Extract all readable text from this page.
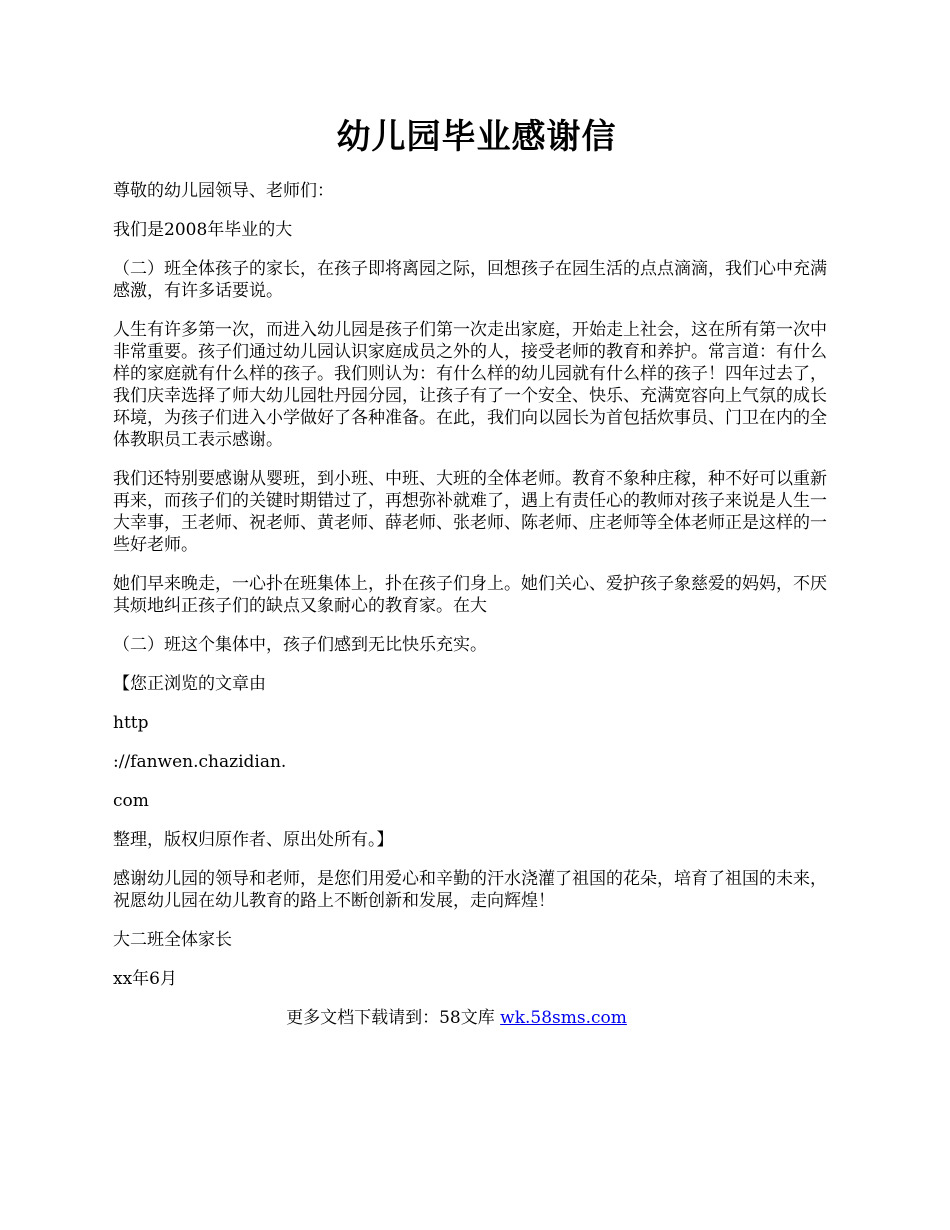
幼儿园毕业感谢信

尊敬的幼儿园领导、老师们：

我们是2008年毕业的大

（二）班全体孩子的家长，在孩子即将离园之际，回想孩子在园生活的点点滴滴，我们心中充满感激，有许多话要说。

人生有许多第一次，而进入幼儿园是孩子们第一次走出家庭，开始走上社会，这在所有第一次中非常重要。孩子们通过幼儿园认识家庭成员之外的人，接受老师的教育和养护。常言道：有什么样的家庭就有什么样的孩子。我们则认为：有什么样的幼儿园就有什么样的孩子！四年过去了，我们庆幸选择了师大幼儿园牡丹园分园，让孩子有了一个安全、快乐、充满宽容向上气氛的成长环境，为孩子们进入小学做好了各种准备。在此，我们向以园长为首包括炊事员、门卫在内的全体教职员工表示感谢。

我们还特别要感谢从婴班，到小班、中班、大班的全体老师。教育不象种庄稼，种不好可以重新再来，而孩子们的关键时期错过了，再想弥补就难了，遇上有责任心的教师对孩子来说是人生一大幸事，王老师、祝老师、黄老师、薛老师、张老师、陈老师、庄老师等全体老师正是这样的一些好老师。

她们早来晚走，一心扑在班集体上，扑在孩子们身上。她们关心、爱护孩子象慈爱的妈妈，不厌其烦地纠正孩子们的缺点又象耐心的教育家。在大

（二）班这个集体中，孩子们感到无比快乐充实。

【您正浏览的文章由

http

://fanwen.chazidian.

com

整理，版权归原作者、原出处所有。】

感谢幼儿园的领导和老师，是您们用爱心和辛勤的汗水浇灌了祖国的花朵，培育了祖国的未来，祝愿幼儿园在幼儿教育的路上不断创新和发展，走向辉煌！

大二班全体家长

xx年6月

更多文档下载请到：58文库 wk.58sms.com
